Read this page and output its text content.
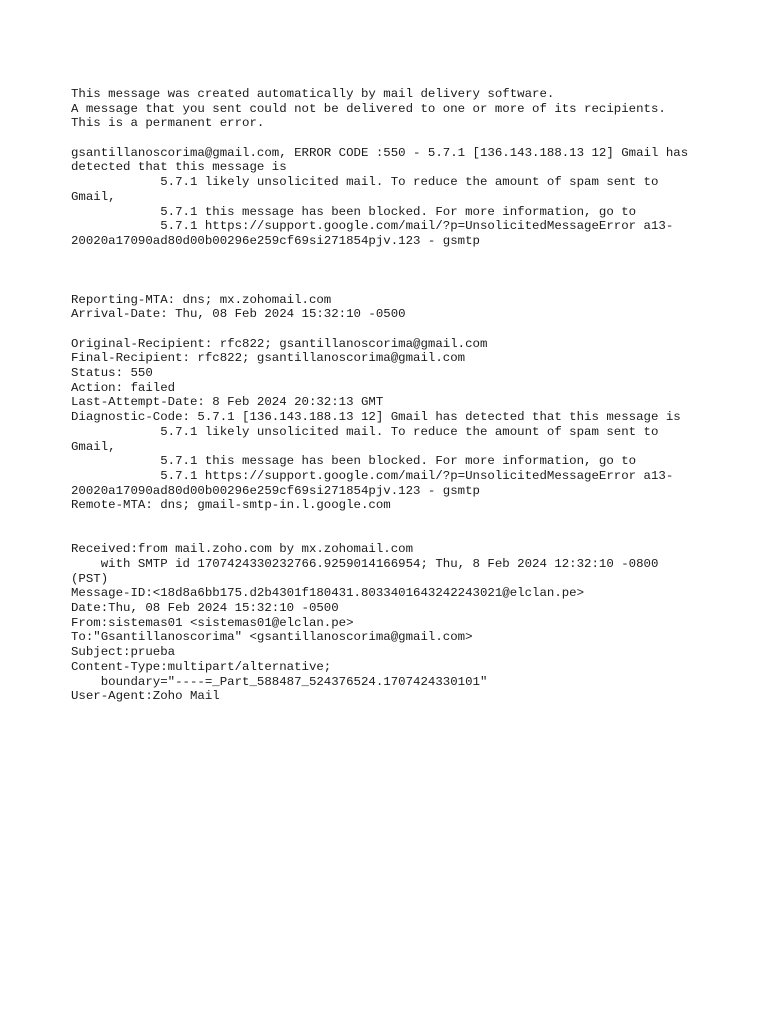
This message was created automatically by mail delivery software.
A message that you sent could not be delivered to one or more of its recipients.
This is a permanent error.
gsantillanoscorima@gmail.com, ERROR CODE :550 - 5.7.1 [136.143.188.13 12] Gmail has
detected that this message is
5.7.1 likely unsolicited mail. To reduce the amount of spam sent to
Gmail,
5.7.1 this message has been blocked. For more information, go to
5.7.1 https://support.google.com/mail/?p=UnsolicitedMessageError a13-
20020a17090ad80d00b00296e259cf69si271854pjv.123 - gsmtp
Reporting-MTA: dns; mx.zohomail.com
Arrival-Date: Thu, 08 Feb 2024 15:32:10 -0500
Original-Recipient: rfc822; gsantillanoscorima@gmail.com
Final-Recipient: rfc822; gsantillanoscorima@gmail.com
Status: 550
Action: failed
Last-Attempt-Date: 8 Feb 2024 20:32:13 GMT
Diagnostic-Code: 5.7.1 [136.143.188.13 12] Gmail has detected that this message is
5.7.1 likely unsolicited mail. To reduce the amount of spam sent to
Gmail,
5.7.1 this message has been blocked. For more information, go to
5.7.1 https://support.google.com/mail/?p=UnsolicitedMessageError a13-
20020a17090ad80d00b00296e259cf69si271854pjv.123 - gsmtp
Remote-MTA: dns; gmail-smtp-in.l.google.com
Received:from mail.zoho.com by mx.zohomail.com
with SMTP id 1707424330232766.9259014166954; Thu, 8 Feb 2024 12:32:10 -0800
(PST)
Message-ID:<18d8a6bb175.d2b4301f180431.8033401643242243021@elclan.pe>
Date:Thu, 08 Feb 2024 15:32:10 -0500
From:sistemas01 <sistemas01@elclan.pe>
To:"Gsantillanoscorima" <gsantillanoscorima@gmail.com>
Subject:prueba
Content-Type:multipart/alternative;
boundary="----=_Part_588487_524376524.1707424330101"
User-Agent:Zoho Mail
